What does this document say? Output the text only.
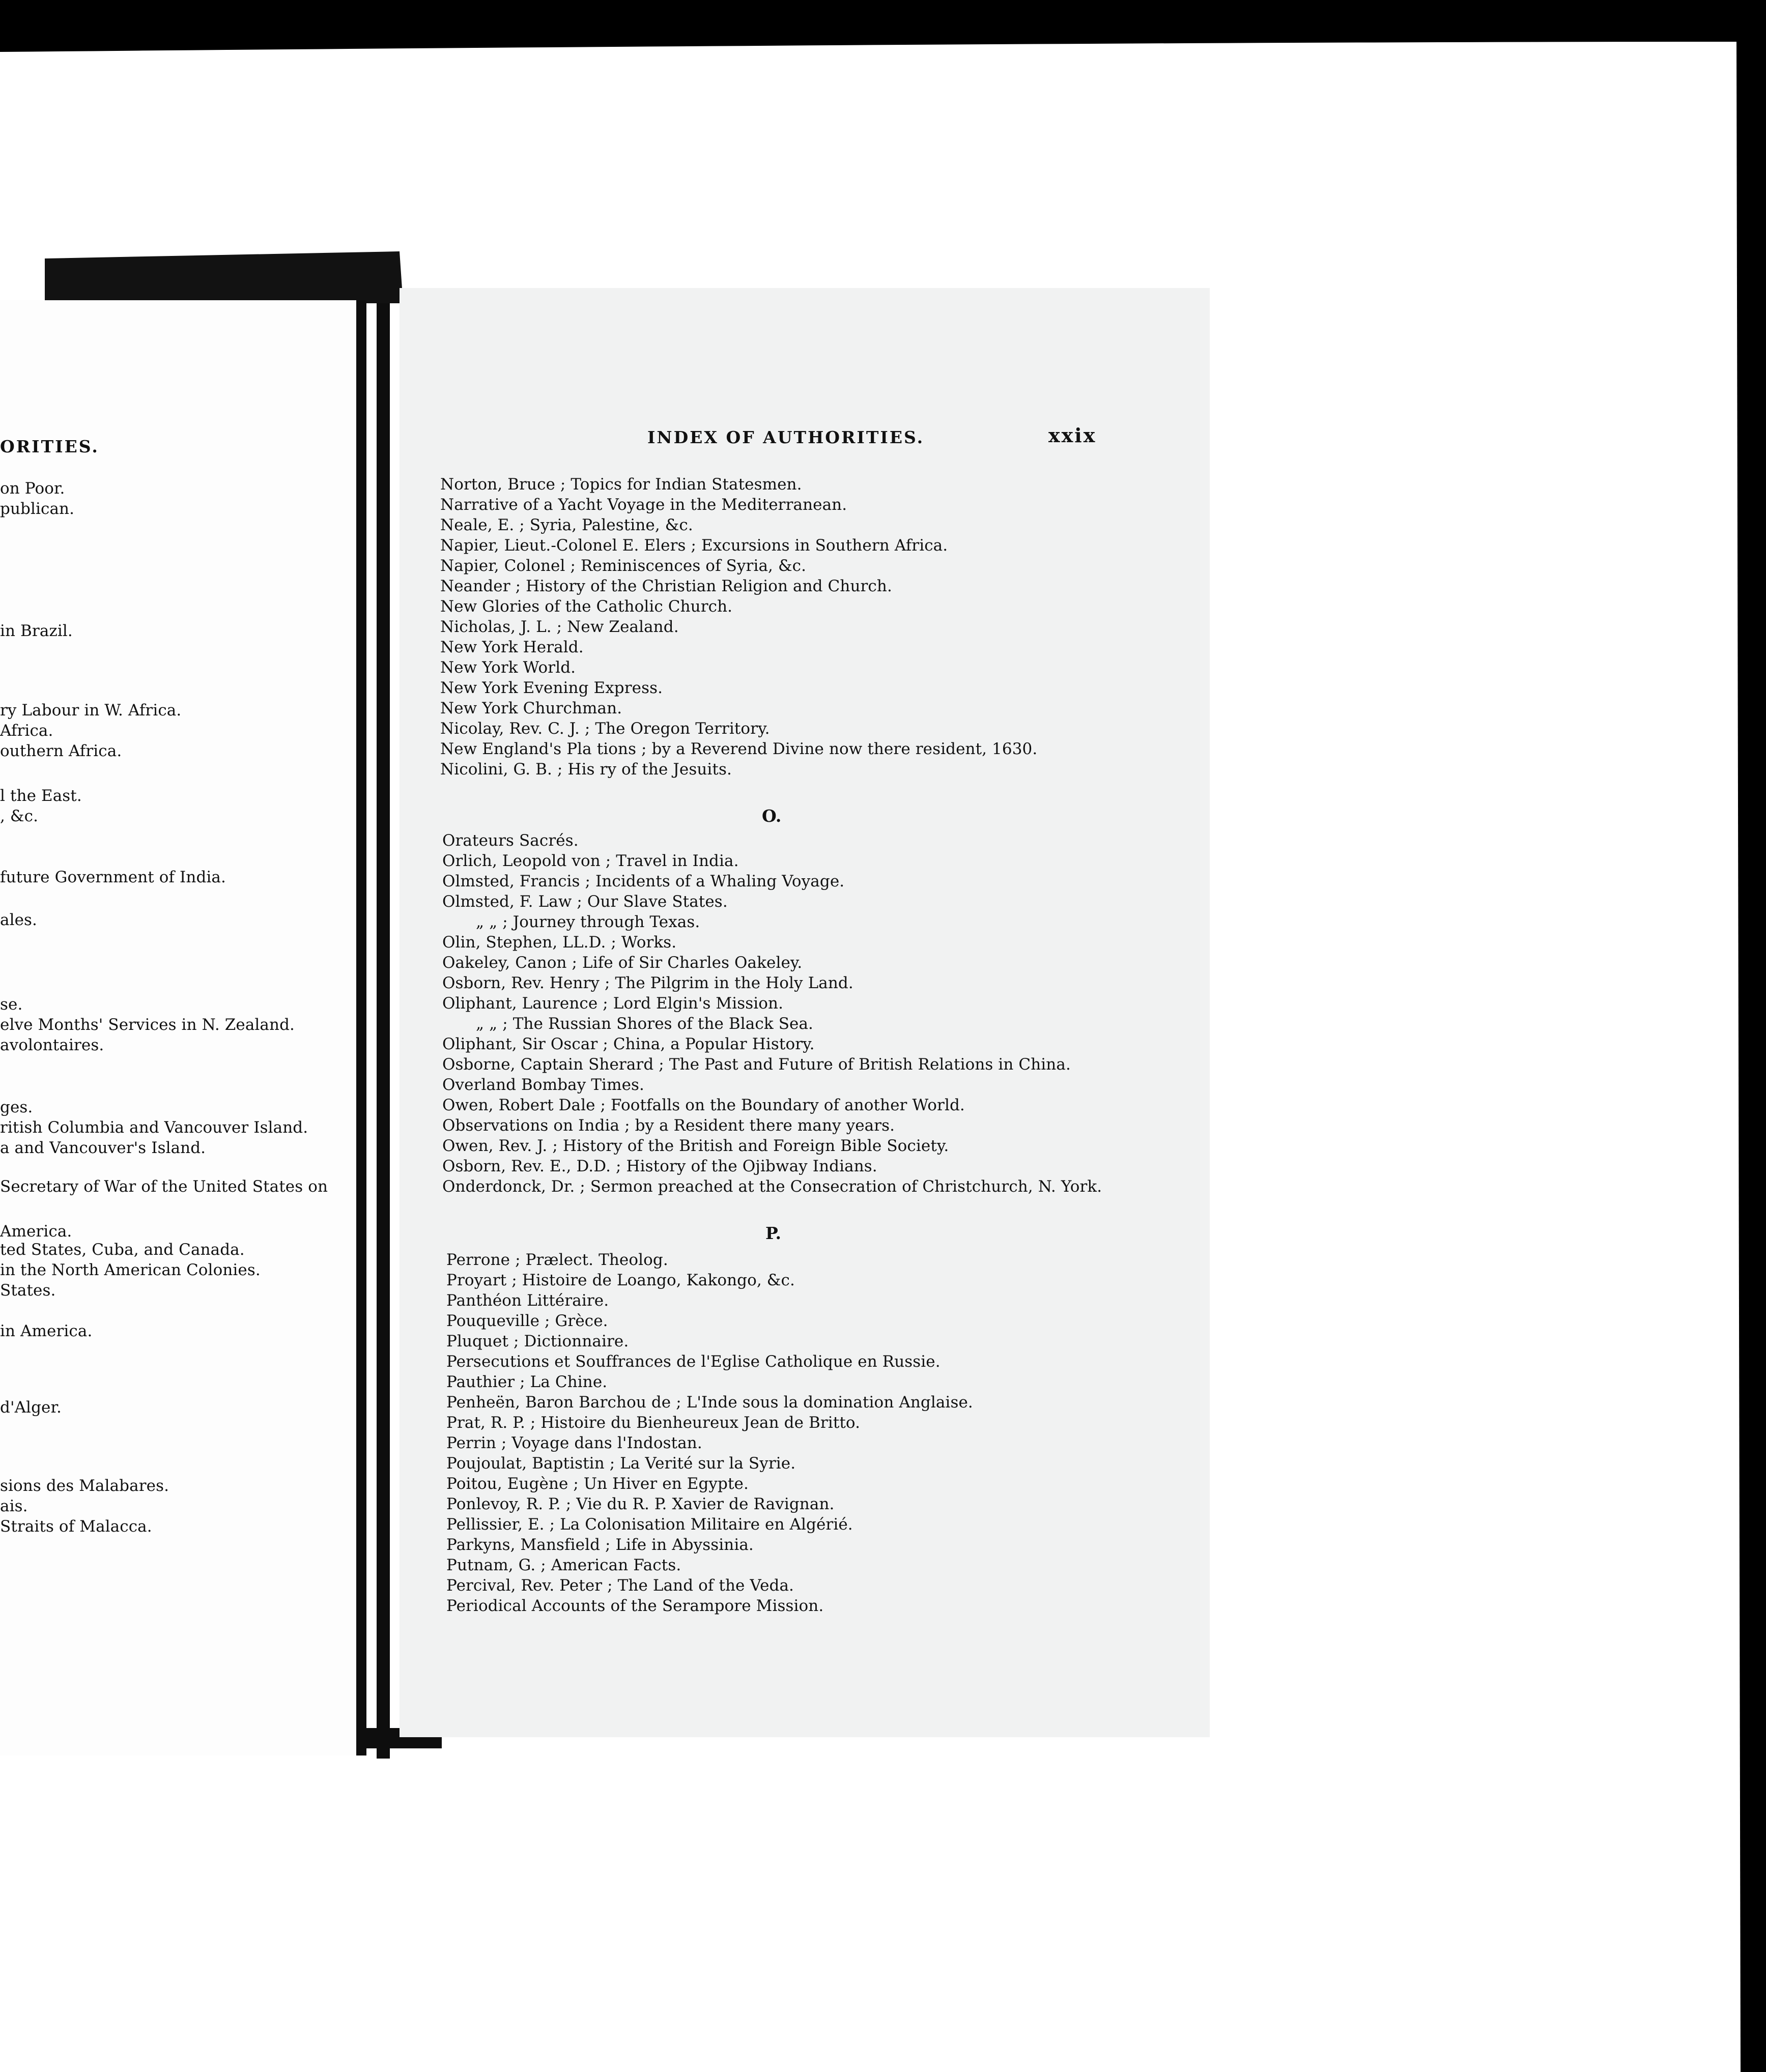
ORITIES.
on Poor.
publican.
in Brazil.
ry Labour in W. Africa.
Africa.
outhern Africa.
l the East.
, &c.
future Government of India.
ales.
se.
elve Months' Services in N. Zealand.
avolontaires.
ges.
ritish Columbia and Vancouver Island.
a and Vancouver's Island.
Secretary of War of the United States on
America.
ted States, Cuba, and Canada.
in the North American Colonies.
States.
in America.
d'Alger.
sions des Malabares.
ais.
Straits of Malacca.
INDEX OF AUTHORITIES.	xxix
Norton, Bruce ; Topics for Indian Statesmen.
Narrative of a Yacht Voyage in the Mediterranean.
Neale, E. ; Syria, Palestine, &c.
Napier, Lieut.-Colonel E. Elers ; Excursions in Southern Africa.
Napier, Colonel ; Reminiscences of Syria, &c.
Neander ; History of the Christian Religion and Church.
New Glories of the Catholic Church.
Nicholas, J. L. ; New Zealand.
New York Herald.
New York World.
New York Evening Express.
New York Churchman.
Nicolay, Rev. C. J. ; The Oregon Territory.
New England's Pla tions ; by a Reverend Divine now there resident, 1630.
Nicolini, G. B. ; His ry of the Jesuits.
O.
Orateurs Sacrés.
Orlich, Leopold von ; Travel in India.
Olmsted, Francis ; Incidents of a Whaling Voyage.
Olmsted, F. Law ; Our Slave States.
„ „ ; Journey through Texas.
Olin, Stephen, LL.D. ; Works.
Oakeley, Canon ; Life of Sir Charles Oakeley.
Osborn, Rev. Henry ; The Pilgrim in the Holy Land.
Oliphant, Laurence ; Lord Elgin's Mission.
„ „ ; The Russian Shores of the Black Sea.
Oliphant, Sir Oscar ; China, a Popular History.
Osborne, Captain Sherard ; The Past and Future of British Relations in China.
Overland Bombay Times.
Owen, Robert Dale ; Footfalls on the Boundary of another World.
Observations on India ; by a Resident there many years.
Owen, Rev. J. ; History of the British and Foreign Bible Society.
Osborn, Rev. E., D.D. ; History of the Ojibway Indians.
Onderdonck, Dr. ; Sermon preached at the Consecration of Christchurch, N. York.
P.
Perrone ; Prælect. Theolog.
Proyart ; Histoire de Loango, Kakongo, &c.
Panthéon Littéraire.
Pouqueville ; Grèce.
Pluquet ; Dictionnaire.
Persecutions et Souffrances de l'Eglise Catholique en Russie.
Pauthier ; La Chine.
Penheën, Baron Barchou de ; L'Inde sous la domination Anglaise.
Prat, R. P. ; Histoire du Bienheureux Jean de Britto.
Perrin ; Voyage dans l'Indostan.
Poujoulat, Baptistin ; La Verité sur la Syrie.
Poitou, Eugène ; Un Hiver en Egypte.
Ponlevoy, R. P. ; Vie du R. P. Xavier de Ravignan.
Pellissier, E. ; La Colonisation Militaire en Algérié.
Parkyns, Mansfield ; Life in Abyssinia.
Putnam, G. ; American Facts.
Percival, Rev. Peter ; The Land of the Veda.
Periodical Accounts of the Serampore Mission.
